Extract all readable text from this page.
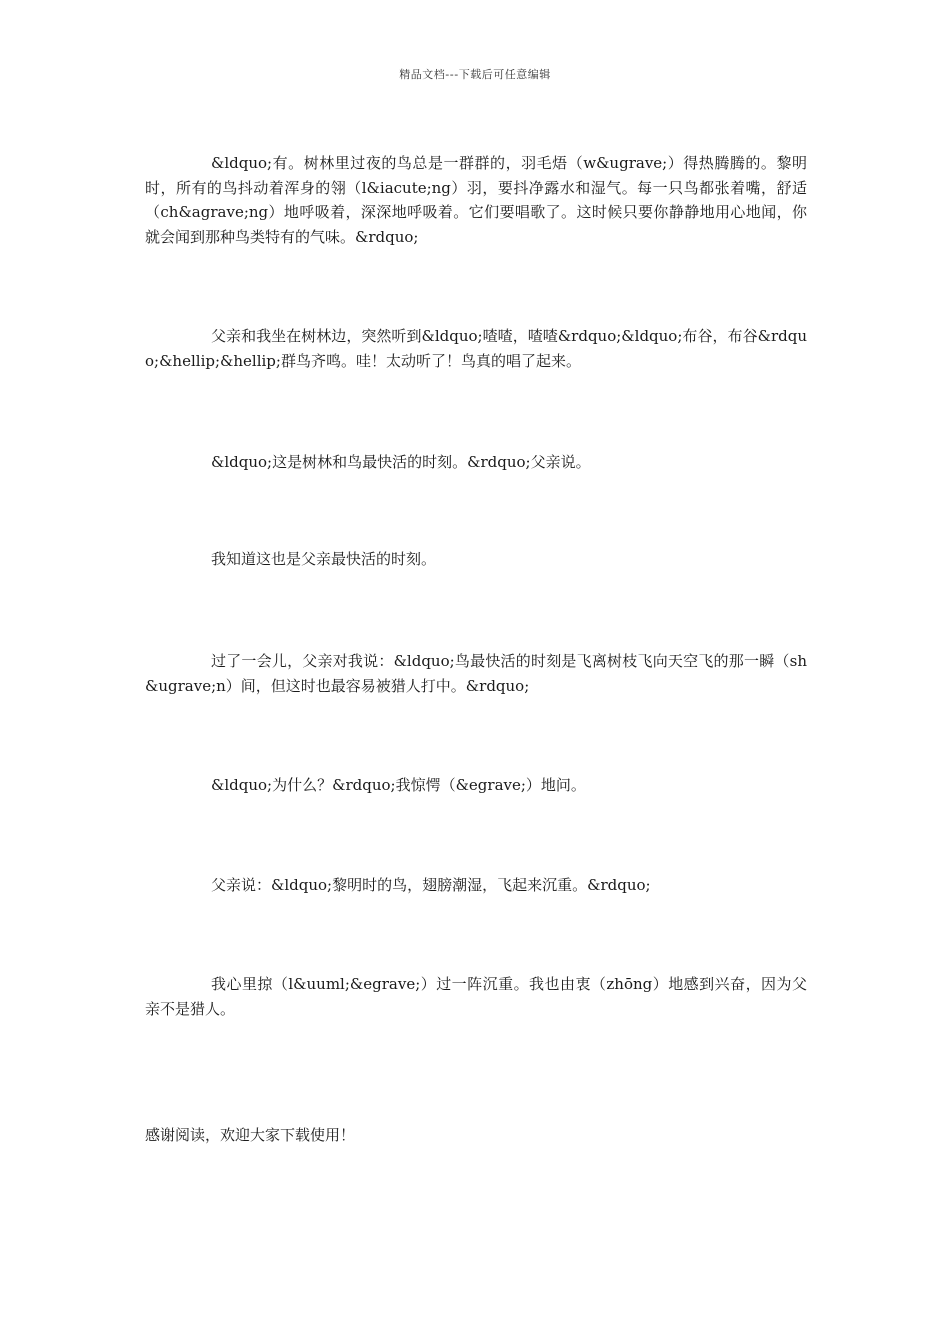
精品文档---下载后可任意编辑

&ldquo;有。树林里过夜的鸟总是一群群的，羽毛焐（w&ugrave;）得热腾腾的。黎明时，所有的鸟抖动着浑身的翎（l&iacute;ng）羽，要抖净露水和湿气。每一只鸟都张着嘴，舒适（ch&agrave;ng）地呼吸着，深深地呼吸着。它们要唱歌了。这时候只要你静静地用心地闻，你就会闻到那种鸟类特有的气味。&rdquo;

父亲和我坐在树林边，突然听到&ldquo;喳喳，喳喳&rdquo;&ldquo;布谷，布谷&rdquo;&hellip;&hellip;群鸟齐鸣。哇！太动听了！鸟真的唱了起来。

&ldquo;这是树林和鸟最快活的时刻。&rdquo;父亲说。

我知道这也是父亲最快活的时刻。

过了一会儿，父亲对我说：&ldquo;鸟最快活的时刻是飞离树枝飞向天空飞的那一瞬（sh&ugrave;n）间，但这时也最容易被猎人打中。&rdquo;

&ldquo;为什么？&rdquo;我惊愕（&egrave;）地问。

父亲说：&ldquo;黎明时的鸟，翅膀潮湿，飞起来沉重。&rdquo;

我心里掠（l&uuml;&egrave;）过一阵沉重。我也由衷（zhōng）地感到兴奋，因为父亲不是猎人。

感谢阅读，欢迎大家下载使用！
